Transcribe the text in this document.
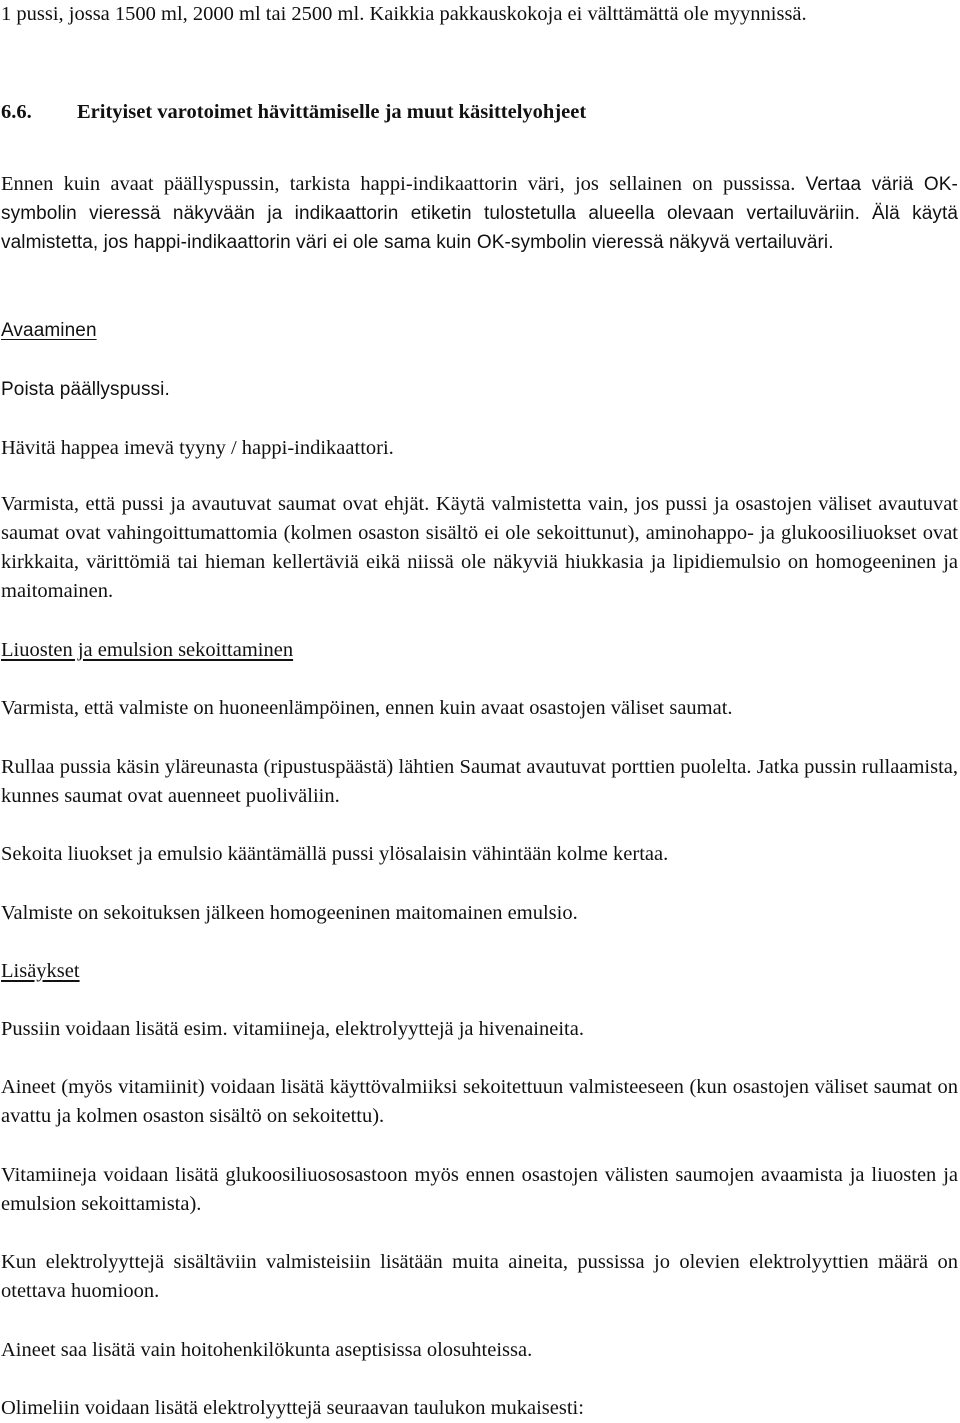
1 pussi, jossa 1500 ml, 2000 ml tai 2500 ml. Kaikkia pakkauskokoja ei välttämättä ole myynnissä.
6.6. Erityiset varotoimet hävittämiselle ja muut käsittelyohjeet
Ennen kuin avaat päällyspussin, tarkista happi-indikaattorin väri, jos sellainen on pussissa. Vertaa väriä OK-symbolin vieressä näkyvään ja indikaattorin etiketin tulostetulla alueella olevaan vertailuväriin. Älä käytä valmistetta, jos happi-indikaattorin väri ei ole sama kuin OK-symbolin vieressä näkyvä vertailuväri.
Avaaminen
Poista päällyspussi.
Hävitä happea imevä tyyny / happi-indikaattori.
Varmista, että pussi ja avautuvat saumat ovat ehjät. Käytä valmistetta vain, jos pussi ja osastojen väliset avautuvat saumat ovat vahingoittumattomia (kolmen osaston sisältö ei ole sekoittunut), aminohappo- ja glukoosiliuokset ovat kirkkaita, värittömiä tai hieman kellertäviä eikä niissä ole näkyviä hiukkasia ja lipidiemulsio on homogeeninen ja maitomainen.
Liuosten ja emulsion sekoittaminen
Varmista, että valmiste on huoneenlämpöinen, ennen kuin avaat osastojen väliset saumat.
Rullaa pussia käsin yläreunasta (ripustuspäästä) lähtien Saumat avautuvat porttien puolelta. Jatka pussin rullaamista, kunnes saumat ovat auenneet puoliväliin.
Sekoita liuokset ja emulsio kääntämällä pussi ylösalaisin vähintään kolme kertaa.
Valmiste on sekoituksen jälkeen homogeeninen maitomainen emulsio.
Lisäykset
Pussiin voidaan lisätä esim. vitamiineja, elektrolyyttejä ja hivenaineita.
Aineet (myös vitamiinit) voidaan lisätä käyttövalmiiksi sekoitettuun valmisteeseen (kun osastojen väliset saumat on avattu ja kolmen osaston sisältö on sekoitettu).
Vitamiineja voidaan lisätä glukoosiliuososastoon myös ennen osastojen välisten saumojen avaamista ja liuosten ja emulsion sekoittamista).
Kun elektrolyyttejä sisältäviin valmisteisiin lisätään muita aineita, pussissa jo olevien elektrolyyttien määrä on otettava huomioon.
Aineet saa lisätä vain hoitohenkilökunta aseptisissa olosuhteissa.
Olimeliin voidaan lisätä elektrolyyttejä seuraavan taulukon mukaisesti:
